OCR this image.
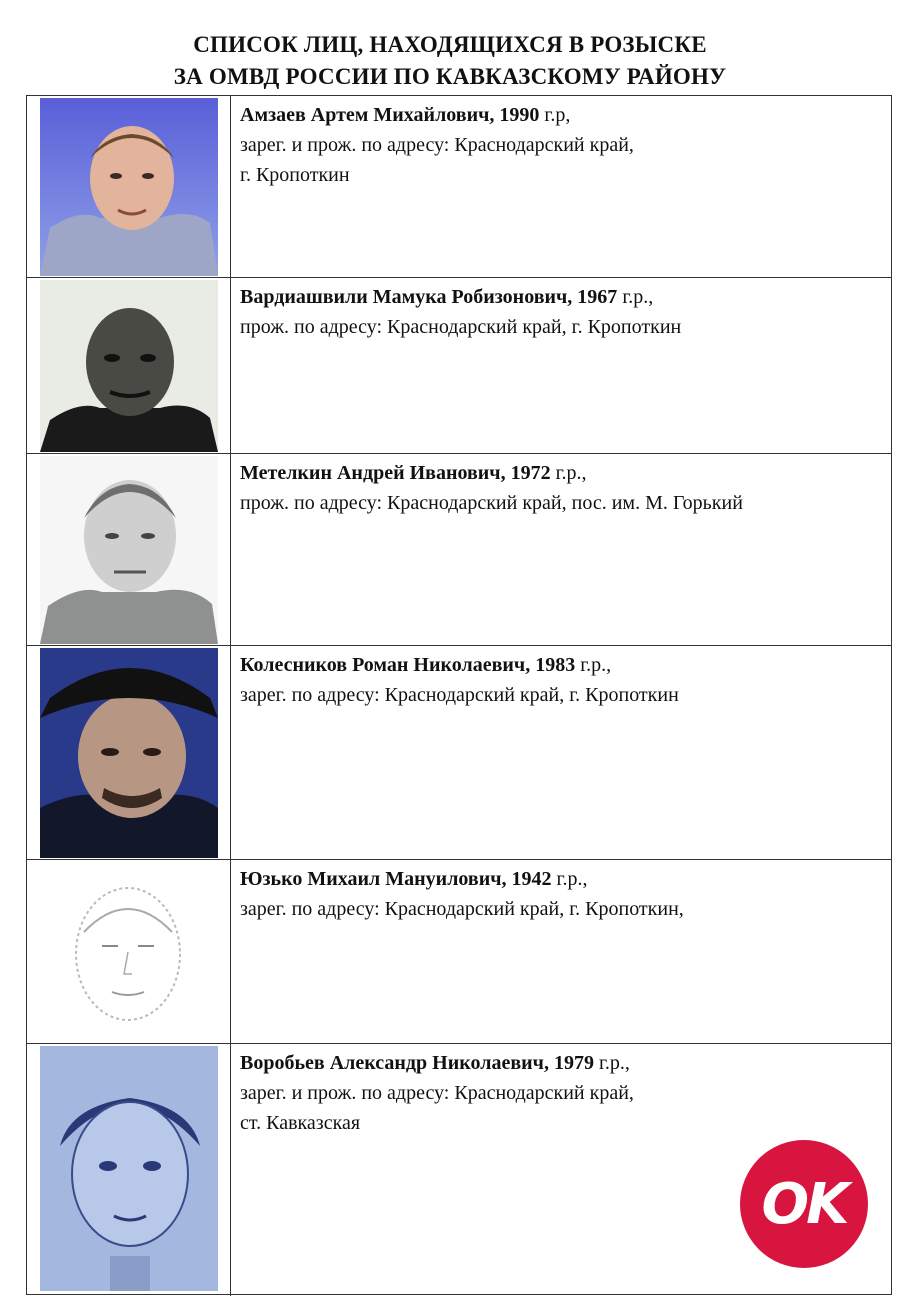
СПИСОК ЛИЦ, НАХОДЯЩИХСЯ В РОЗЫСКЕ
ЗА ОМВД РОССИИ ПО КАВКАЗСКОМУ РАЙОНУ
Амзаев Артем Михайлович, 1990 г.р,
зарег. и прож. по адресу: Краснодарский край,
г. Кропоткин
Вардиашвили Мамука Робизонович, 1967 г.р.,
прож. по адресу: Краснодарский край, г. Кропоткин
Метелкин Андрей Иванович, 1972 г.р.,
прож. по адресу: Краснодарский край, пос. им. М. Горький
Колесников Роман Николаевич, 1983 г.р.,
зарег. по адресу: Краснодарский край, г. Кропоткин
Юзько Михаил Мануилович, 1942 г.р.,
зарег. по адресу: Краснодарский край, г. Кропоткин,
Воробьев Александр Николаевич, 1979 г.р.,
зарег. и прож. по адресу: Краснодарский край,
ст. Кавказская
OK
